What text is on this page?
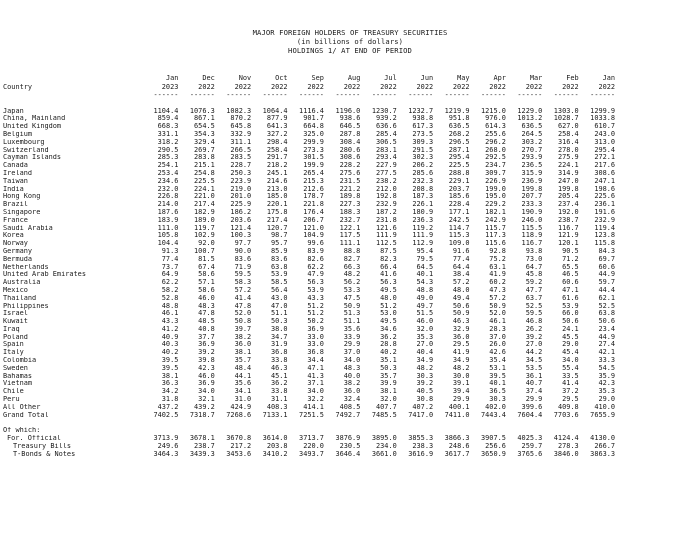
MAJOR FOREIGN HOLDERS OF TREASURY SECURITIES
(in billions of dollars)
HOLDINGS 1/ AT END OF PERIOD
	Jan	Dec	Nov	Oct	Sep	Aug	Jul	Jun	May	Apr	Mar	Feb	Jan
Country	2023	2022	2022	2022	2022	2022	2022	2022	2022	2022	2022	2022	2022
	------	------	------	------	------	------	------	------	------	------	------	------	------

Japan	1104.4	1076.3	1082.3	1064.4	1116.4	1196.0	1230.7	1232.7	1219.9	1215.0	1229.0	1303.0	1299.9
China, Mainland	859.4	867.1	870.2	877.9	901.7	938.6	939.2	938.8	951.8	976.0	1013.2	1028.7	1033.8
United Kingdom	668.3	654.5	645.8	641.3	664.8	646.5	636.6	617.3	636.5	614.3	636.5	627.0	610.7
Belgium	331.1	354.3	332.9	327.2	325.0	287.8	285.4	273.5	268.2	255.6	264.5	258.4	243.0
Luxembourg	318.2	329.4	311.1	298.4	299.9	308.4	306.5	309.3	296.5	296.2	303.2	316.4	313.0
Switzerland	290.5	269.7	266.5	258.4	273.3	280.6	283.1	291.5	287.1	268.0	270.7	278.0	295.4
Cayman Islands	285.3	283.8	283.5	291.7	301.5	308.6	293.4	302.3	295.4	292.5	293.9	275.9	272.1
Canada	254.1	215.1	228.7	218.2	199.9	228.2	227.9	206.2	225.5	234.7	236.5	224.1	217.6
Ireland	253.4	254.8	250.3	245.1	265.4	275.6	277.5	285.6	288.8	309.7	315.9	314.9	308.6
Taiwan	234.6	225.5	223.9	214.6	215.3	231.5	238.2	232.3	229.1	226.9	236.9	247.0	247.1
India	232.0	224.1	219.0	213.0	212.6	221.2	212.0	208.8	203.7	199.0	199.8	199.8	198.6
Hong Kong	226.8	221.0	201.0	185.0	178.7	189.8	192.8	187.3	185.6	195.0	207.7	205.4	225.6
Brazil	214.0	217.4	225.9	220.1	221.8	227.3	232.9	226.1	228.4	229.2	233.3	237.4	236.1
Singapore	187.6	182.9	186.2	175.8	176.4	188.3	187.2	180.9	177.1	182.1	190.9	192.0	191.6
France	183.9	189.0	203.6	217.4	206.7	232.7	231.8	236.3	242.5	242.9	246.0	238.7	232.9
Saudi Arabia	111.0	119.7	121.4	120.7	121.0	122.1	121.6	119.2	114.7	115.7	115.5	116.7	119.4
Korea	105.8	102.9	100.3	98.7	104.9	117.5	111.9	111.9	115.3	117.3	118.9	121.9	123.8
Norway	104.4	92.0	97.7	95.7	99.6	111.1	112.5	112.9	109.0	115.6	116.7	120.1	115.8
Germany	91.3	100.7	90.0	85.9	83.9	88.8	87.5	95.4	91.6	92.8	93.8	90.5	84.3
Bermuda	77.4	81.5	83.6	83.6	82.6	82.7	82.3	79.5	77.4	75.2	73.0	71.2	69.7
Netherlands	73.7	67.4	71.9	63.8	62.2	66.3	66.4	64.5	64.4	63.1	64.7	65.5	60.6
United Arab Emirates	64.9	58.6	59.5	53.9	47.9	48.2	41.6	40.1	38.4	41.9	45.8	46.5	44.9
Australia	62.2	57.1	58.3	58.5	56.3	56.2	56.3	54.3	57.2	60.2	59.2	60.6	59.7
Mexico	58.2	58.6	57.2	56.4	53.9	53.3	49.5	48.8	48.0	47.3	47.7	47.1	44.4
Thailand	52.8	46.0	41.4	43.0	43.3	47.5	48.0	49.0	49.4	57.2	63.7	61.6	62.1
Philippines	48.8	48.3	47.8	47.0	51.2	50.9	51.2	49.7	50.6	50.9	52.5	53.9	52.5
Israel	46.1	47.8	52.0	51.1	51.2	51.3	53.0	51.5	50.9	52.0	59.5	66.0	63.8
Kuwait	43.3	48.5	50.8	50.3	50.2	51.1	49.5	46.0	46.3	46.1	46.8	50.6	50.6
Iraq	41.2	40.8	39.7	38.0	36.9	35.6	34.6	32.0	32.9	28.3	26.2	24.1	23.4
Poland	40.9	37.7	38.2	34.7	33.0	33.9	36.2	35.3	36.0	37.0	39.2	45.5	44.9
Spain	40.3	36.9	36.0	31.9	33.0	29.9	28.8	27.0	29.5	26.0	27.0	29.0	27.4
Italy	40.2	39.2	38.1	36.8	36.8	37.0	40.2	40.4	41.9	42.6	44.2	45.4	42.1
Colombia	39.5	39.8	35.7	33.8	34.4	34.0	35.1	34.9	34.9	35.4	34.5	34.0	33.3
Sweden	39.5	42.3	48.4	46.3	47.1	48.3	50.3	48.2	48.2	53.1	53.5	55.4	54.5
Bahamas	38.1	46.0	44.1	45.1	41.3	40.0	35.7	30.3	30.0	39.5	36.1	33.5	35.9
Vietnam	36.3	36.9	35.6	36.2	37.1	38.2	39.9	39.2	39.1	40.1	40.7	41.4	42.3
Chile	34.2	34.0	34.1	33.8	34.0	36.0	38.1	40.5	39.4	36.5	37.4	37.2	35.3
Peru	31.8	32.1	31.0	31.1	32.2	32.4	32.0	30.8	29.9	30.3	29.9	29.5	29.0
All Other	437.2	439.2	424.9	408.3	414.1	408.5	407.7	407.2	400.1	402.0	399.6	409.8	410.0
Grand Total	7402.5	7318.7	7268.6	7133.1	7251.5	7492.7	7485.5	7417.0	7411.0	7443.4	7604.4	7703.6	7655.9

Of which:													
For. Official	3713.9	3678.1	3670.8	3614.0	3713.7	3876.9	3895.0	3855.3	3866.3	3907.5	4025.3	4124.4	4130.0
Treasury Bills	249.6	238.7	217.2	203.8	220.0	230.5	234.0	238.3	248.6	256.6	259.7	278.3	266.7
T-Bonds & Notes	3464.3	3439.3	3453.6	3410.2	3493.7	3646.4	3661.0	3616.9	3617.7	3650.9	3765.6	3846.0	3863.3
